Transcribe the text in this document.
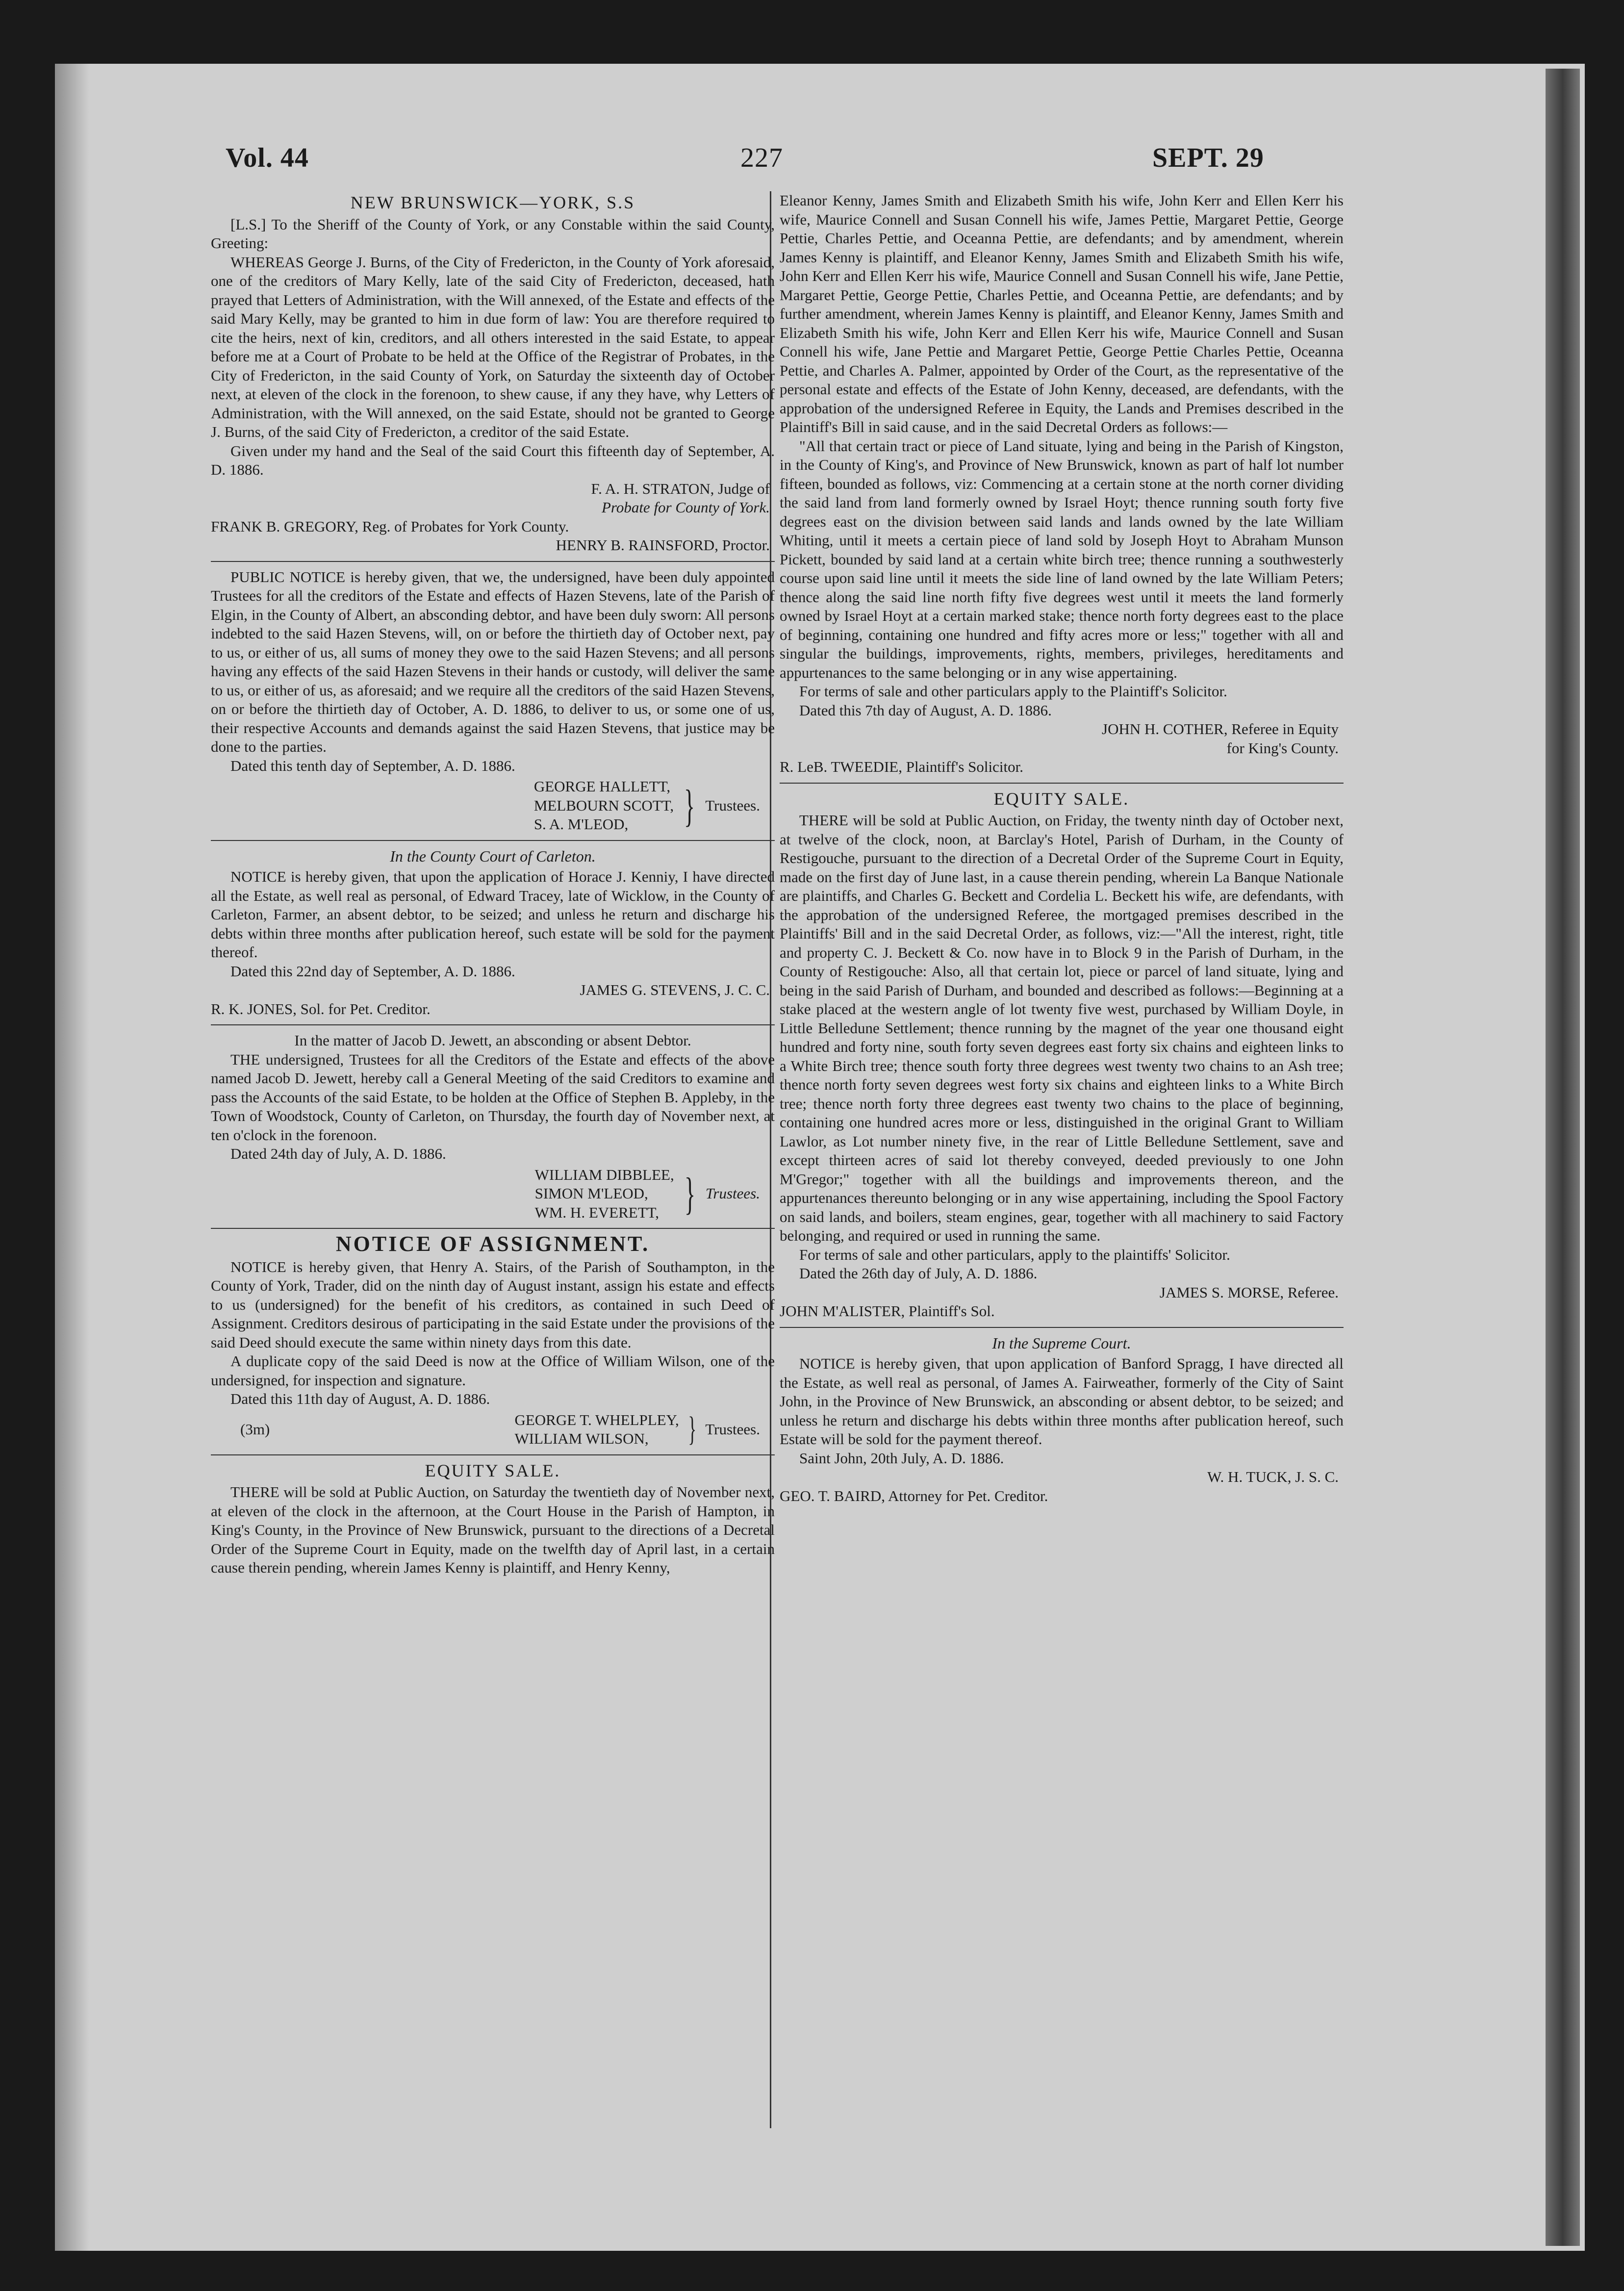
Vol. 44	227	SEPT. 29

NEW BRUNSWICK—YORK, S.S

[L.S.] To the Sheriff of the County of York, or any Constable within the said County, Greeting:

WHEREAS George J. Burns, of the City of Fredericton, in the County of York aforesaid, one of the creditors of Mary Kelly, late of the said City of Fredericton, deceased, hath prayed that Letters of Administration, with the Will annexed, of the Estate and effects of the said Mary Kelly, may be granted to him in due form of law: You are therefore required to cite the heirs, next of kin, creditors, and all others interested in the said Estate, to appear before me at a Court of Probate to be held at the Office of the Registrar of Probates, in the City of Fredericton, in the said County of York, on Saturday the sixteenth day of October next, at eleven of the clock in the forenoon, to shew cause, if any they have, why Letters of Administration, with the Will annexed, on the said Estate, should not be granted to George J. Burns, of the said City of Fredericton, a creditor of the said Estate.

Given under my hand and the Seal of the said Court this fifteenth day of September, A. D. 1886.

F. A. H. STRATON, Judge of

Probate for County of York.

FRANK B. GREGORY, Reg. of Probates for York County.

HENRY B. RAINSFORD, Proctor.

PUBLIC NOTICE is hereby given, that we, the undersigned, have been duly appointed Trustees for all the creditors of the Estate and effects of Hazen Stevens, late of the Parish of Elgin, in the County of Albert, an absconding debtor, and have been duly sworn: All persons indebted to the said Hazen Stevens, will, on or before the thirtieth day of October next, pay to us, or either of us, all sums of money they owe to the said Hazen Stevens; and all persons having any effects of the said Hazen Stevens in their hands or custody, will deliver the same to us, or either of us, as aforesaid; and we require all the creditors of the said Hazen Stevens, on or before the thirtieth day of October, A. D. 1886, to deliver to us, or some one of us, their respective Accounts and demands against the said Hazen Stevens, that justice may be done to the parties.

Dated this tenth day of September, A. D. 1886.

GEORGE HALLETT,

MELBOURN SCOTT,

S. A. M'LEOD,	} Trustees.

In the County Court of Carleton.

NOTICE is hereby given, that upon the application of Horace J. Kenniy, I have directed all the Estate, as well real as personal, of Edward Tracey, late of Wicklow, in the County of Carleton, Farmer, an absent debtor, to be seized; and unless he return and discharge his debts within three months after publication hereof, such estate will be sold for the payment thereof.

Dated this 22nd day of September, A. D. 1886.

JAMES G. STEVENS, J. C. C.

R. K. JONES, Sol. for Pet. Creditor.

In the matter of Jacob D. Jewett, an absconding or absent Debtor.

THE undersigned, Trustees for all the Creditors of the Estate and effects of the above named Jacob D. Jewett, hereby call a General Meeting of the said Creditors to examine and pass the Accounts of the said Estate, to be holden at the Office of Stephen B. Appleby, in the Town of Woodstock, County of Carleton, on Thursday, the fourth day of November next, at ten o'clock in the forenoon.

Dated 24th day of July, A. D. 1886.

WILLIAM DIBBLEE,

SIMON M'LEOD,

WM. H. EVERETT, } Trustees.

NOTICE OF ASSIGNMENT.

NOTICE is hereby given, that Henry A. Stairs, of the Parish of Southampton, in the County of York, Trader, did on the ninth day of August instant, assign his estate and effects to us (undersigned) for the benefit of his creditors, as contained in such Deed of Assignment. Creditors desirous of participating in the said Estate under the provisions of the said Deed should execute the same within ninety days from this date.

A duplicate copy of the said Deed is now at the Office of William Wilson, one of the undersigned, for inspection and signature.

Dated this 11th day of August, A. D. 1886.

(3m)

GEORGE T. WHELPLEY,

WILLIAM WILSON,	} Trustees.

EQUITY SALE.

THERE will be sold at Public Auction, on Saturday the twentieth day of November next, at eleven of the clock in the afternoon, at the Court House in the Parish of Hampton, in King's County, in the Province of New Brunswick, pursuant to the directions of a Decretal Order of the Supreme Court in Equity, made on the twelfth day of April last, in a certain cause therein pending, wherein James Kenny is plaintiff, and Henry Kenny,

Eleanor Kenny, James Smith and Elizabeth Smith his wife, John Kerr and Ellen Kerr his wife, Maurice Connell and Susan Connell his wife, James Pettie, Margaret Pettie, George Pettie, Charles Pettie, and Oceanna Pettie, are defendants; and by amendment, wherein James Kenny is plaintiff, and Eleanor Kenny, James Smith and Elizabeth Smith his wife, John Kerr and Ellen Kerr his wife, Maurice Connell and Susan Connell his wife, Jane Pettie, Margaret Pettie, George Pettie, Charles Pettie, and Oceanna Pettie, are defendants; and by further amendment, wherein James Kenny is plaintiff, and Eleanor Kenny, James Smith and Elizabeth Smith his wife, John Kerr and Ellen Kerr his wife, Maurice Connell and Susan Connell his wife, Jane Pettie and Margaret Pettie, George Pettie Charles Pettie, Oceanna Pettie, and Charles A. Palmer, appointed by Order of the Court, as the representative of the personal estate and effects of the Estate of John Kenny, deceased, are defendants, with the approbation of the undersigned Referee in Equity, the Lands and Premises described in the Plaintiff's Bill in said cause, and in the said Decretal Orders as follows:—

"All that certain tract or piece of Land situate, lying and being in the Parish of Kingston, in the County of King's, and Province of New Brunswick, known as part of half lot number fifteen, bounded as follows, viz: Commencing at a certain stone at the north corner dividing the said land from land formerly owned by Israel Hoyt; thence running south forty five degrees east on the division between said lands and lands owned by the late William Whiting, until it meets a certain piece of land sold by Joseph Hoyt to Abraham Munson Pickett, bounded by said land at a certain white birch tree; thence running a southwesterly course upon said line until it meets the side line of land owned by the late William Peters; thence along the said line north fifty five degrees west until it meets the land formerly owned by Israel Hoyt at a certain marked stake; thence north forty degrees east to the place of beginning, containing one hundred and fifty acres more or less;" together with all and singular the buildings, improvements, rights, members, privileges, hereditaments and appurtenances to the same belonging or in any wise appertaining.

For terms of sale and other particulars apply to the Plaintiff's Solicitor.

Dated this 7th day of August, A. D. 1886.

JOHN H. COTHER, Referee in Equity

for King's County.

R. LeB. TWEEDIE, Plaintiff's Solicitor.

EQUITY SALE.

THERE will be sold at Public Auction, on Friday, the twenty ninth day of October next, at twelve of the clock, noon, at Barclay's Hotel, Parish of Durham, in the County of Restigouche, pursuant to the direction of a Decretal Order of the Supreme Court in Equity, made on the first day of June last, in a cause therein pending, wherein La Banque Nationale are plaintiffs, and Charles G. Beckett and Cordelia L. Beckett his wife, are defendants, with the approbation of the undersigned Referee, the mortgaged premises described in the Plaintiffs' Bill and in the said Decretal Order, as follows, viz:—"All the interest, right, title and property C. J. Beckett & Co. now have in to Block 9 in the Parish of Durham, in the County of Restigouche: Also, all that certain lot, piece or parcel of land situate, lying and being in the said Parish of Durham, and bounded and described as follows:—Beginning at a stake placed at the western angle of lot twenty five west, purchased by William Doyle, in Little Belledune Settlement; thence running by the magnet of the year one thousand eight hundred and forty nine, south forty seven degrees east forty six chains and eighteen links to a White Birch tree; thence south forty three degrees west twenty two chains to an Ash tree; thence north forty seven degrees west forty six chains and eighteen links to a White Birch tree; thence north forty three degrees east twenty two chains to the place of beginning, containing one hundred acres more or less, distinguished in the original Grant to William Lawlor, as Lot number ninety five, in the rear of Little Belledune Settlement, save and except thirteen acres of said lot thereby conveyed, deeded previously to one John M'Gregor;" together with all the buildings and improvements thereon, and the appurtenances thereunto belonging or in any wise appertaining, including the Spool Factory on said lands, and boilers, steam engines, gear, together with all machinery to said Factory belonging, and required or used in running the same.

For terms of sale and other particulars, apply to the plaintiffs' Solicitor.

Dated the 26th day of July, A. D. 1886.

JAMES S. MORSE, Referee.

JOHN M'ALISTER, Plaintiff's Sol.

In the Supreme Court.

NOTICE is hereby given, that upon application of Banford Spragg, I have directed all the Estate, as well real as personal, of James A. Fairweather, formerly of the City of Saint John, in the Province of New Brunswick, an absconding or absent debtor, to be seized; and unless he return and discharge his debts within three months after publication hereof, such Estate will be sold for the payment thereof.

Saint John, 20th July, A. D. 1886.

W. H. TUCK, J. S. C.

GEO. T. BAIRD, Attorney for Pet. Creditor.
